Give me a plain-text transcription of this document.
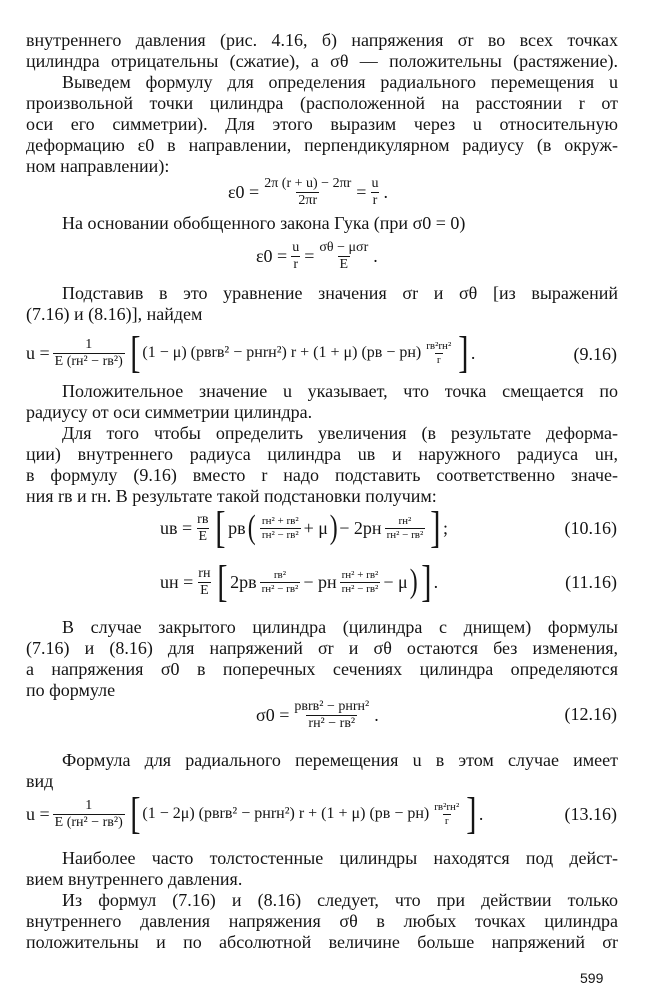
внутреннего давления (рис. 4.16, б) напряжения σr во всех точках
цилиндра отрицательны (сжатие), а σθ — положительны (растяжение).
Выведем формулу для определения радиального перемещения u
произвольной точки цилиндра (расположенной на расстоянии r от
оси его симметрии). Для этого выразим через u относительную
деформацию ε0 в направлении, перпендикулярном радиусу (в окруж-
ном направлении):
$\varepsilon 0 = \frac{2\pi (r + u) - 2\pi r}{2\pi r} = \frac{u}{r}$ .
На основании обобщенного закона Гука (при σ0 = 0)
$\varepsilon 0 = \frac{u}{r} = \frac{\text{σθ − μσr}}{E}$ .
Подставив в это уравнение значения σr и σθ [из выражений
(7.16) и (8.16)], найдем
$u = \frac{1}{\text{E (rн² − rв²)}}$ [ (1 − μ) (pвrв² − pнrн²) r + (1 + μ) $(pв - pн) \frac{\text{rв²rн²}}{r}$ ] .	(9.16)
Положительное значение u указывает, что точка смещается по
радиусу от оси симметрии цилиндра.
Для того чтобы определить увеличения (в результате деформа-
ции) внутреннего радиуса цилиндра uв и наружного радиуса uн,
в формулу (9.16) вместо r надо подставить соответственно значе-
ния rв и rн. В результате такой подстановки получим:
uв = $\frac{rв}{E}$ [ pв ( $\frac{\text{rн² + rв²}}{\text{rн² − rв²}} + \mu$ ) − $2pн \frac{\text{rн²}}{\text{rн² − rв²}}$ ] ;	(10.16)
uн = $\frac{rн}{E}$ [ $2pв \frac{\text{rв²}}{\text{rн² − rв²}}$ − pн $\frac{\text{rн² + rв²}}{\text{rн² − rв²}} - \mu$ ) ] .	(11.16)
В случае закрытого цилиндра (цилиндра с днищем) формулы
(7.16) и (8.16) для напряжений σr и σθ остаются без изменения,
а напряжения σ0 в поперечных сечениях цилиндра определяются
по формуле
$\sigma 0 = \frac{\text{pвrв² − pнrн²}}{\text{rн² − rв²}}$ .	(12.16)
Формула для радиального перемещения u в этом случае имеет
вид
$u = \frac{1}{\text{E (rн² − rв²)}}$ [ (1 − 2μ) (pвrв² − pнrн²) r + (1 + μ) $(pв - pн) \frac{\text{rв²rн²}}{r}$ ] .	(13.16)
Наиболее часто толстостенные цилиндры находятся под дейст-
вием внутреннего давления.
Из формул (7.16) и (8.16) следует, что при действии только
внутреннего давления напряжения σθ в любых точках цилиндра
положительны и по абсолютной величине больше напряжений σr
599
